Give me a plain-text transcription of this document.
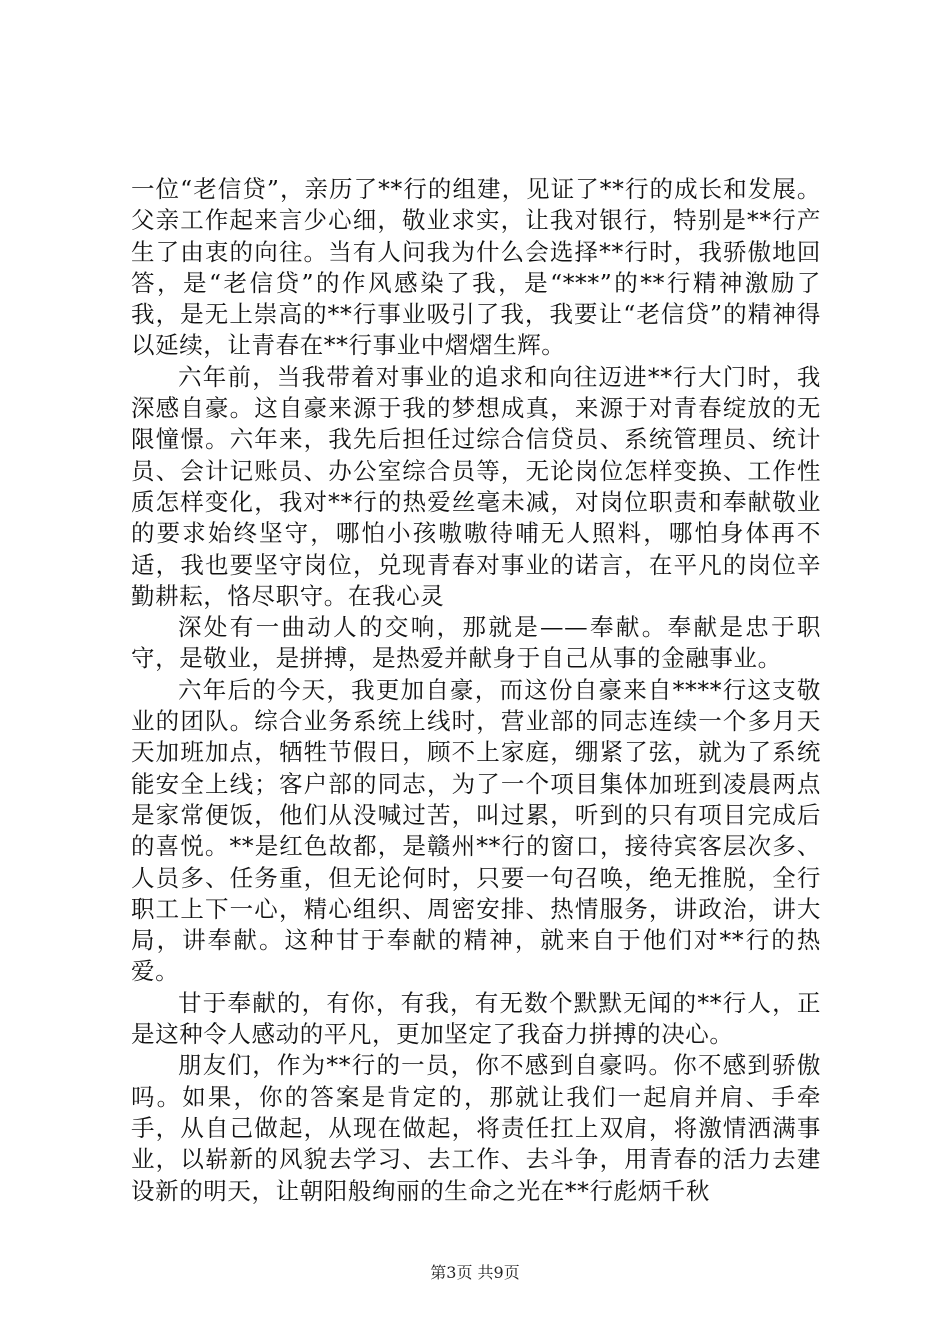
一位“老信贷”，亲历了**行的组建，见证了**行的成长和发展。父亲工作起来言少心细，敬业求实，让我对银行，特别是**行产生了由衷的向往。当有人问我为什么会选择**行时，我骄傲地回答，是“老信贷”的作风感染了我，是“***”的**行精神激励了我，是无上崇高的**行事业吸引了我，我要让“老信贷”的精神得以延续，让青春在**行事业中熠熠生辉。

六年前，当我带着对事业的追求和向往迈进**行大门时，我深感自豪。这自豪来源于我的梦想成真，来源于对青春绽放的无限憧憬。六年来，我先后担任过综合信贷员、系统管理员、统计员、会计记账员、办公室综合员等，无论岗位怎样变换、工作性质怎样变化，我对**行的热爱丝毫未减，对岗位职责和奉献敬业的要求始终坚守，哪怕小孩嗷嗷待哺无人照料，哪怕身体再不适，我也要坚守岗位，兑现青春对事业的诺言，在平凡的岗位辛勤耕耘，恪尽职守。在我心灵

深处有一曲动人的交响，那就是——奉献。奉献是忠于职守，是敬业，是拼搏，是热爱并献身于自己从事的金融事业。

六年后的今天，我更加自豪，而这份自豪来自****行这支敬业的团队。综合业务系统上线时，营业部的同志连续一个多月天天加班加点，牺牲节假日，顾不上家庭，绷紧了弦，就为了系统能安全上线；客户部的同志，为了一个项目集体加班到凌晨两点是家常便饭，他们从没喊过苦，叫过累，听到的只有项目完成后的喜悦。**是红色故都，是赣州**行的窗口，接待宾客层次多、人员多、任务重，但无论何时，只要一句召唤，绝无推脱，全行职工上下一心，精心组织、周密安排、热情服务，讲政治，讲大局，讲奉献。这种甘于奉献的精神，就来自于他们对**行的热爱。

甘于奉献的，有你，有我，有无数个默默无闻的**行人，正是这种令人感动的平凡，更加坚定了我奋力拼搏的决心。

朋友们，作为**行的一员，你不感到自豪吗。你不感到骄傲吗。如果，你的答案是肯定的，那就让我们一起肩并肩、手牵手，从自己做起，从现在做起，将责任扛上双肩，将激情洒满事业，以崭新的风貌去学习、去工作、去斗争，用青春的活力去建设新的明天，让朝阳般绚丽的生命之光在**行彪炳千秋

第3页 共9页
